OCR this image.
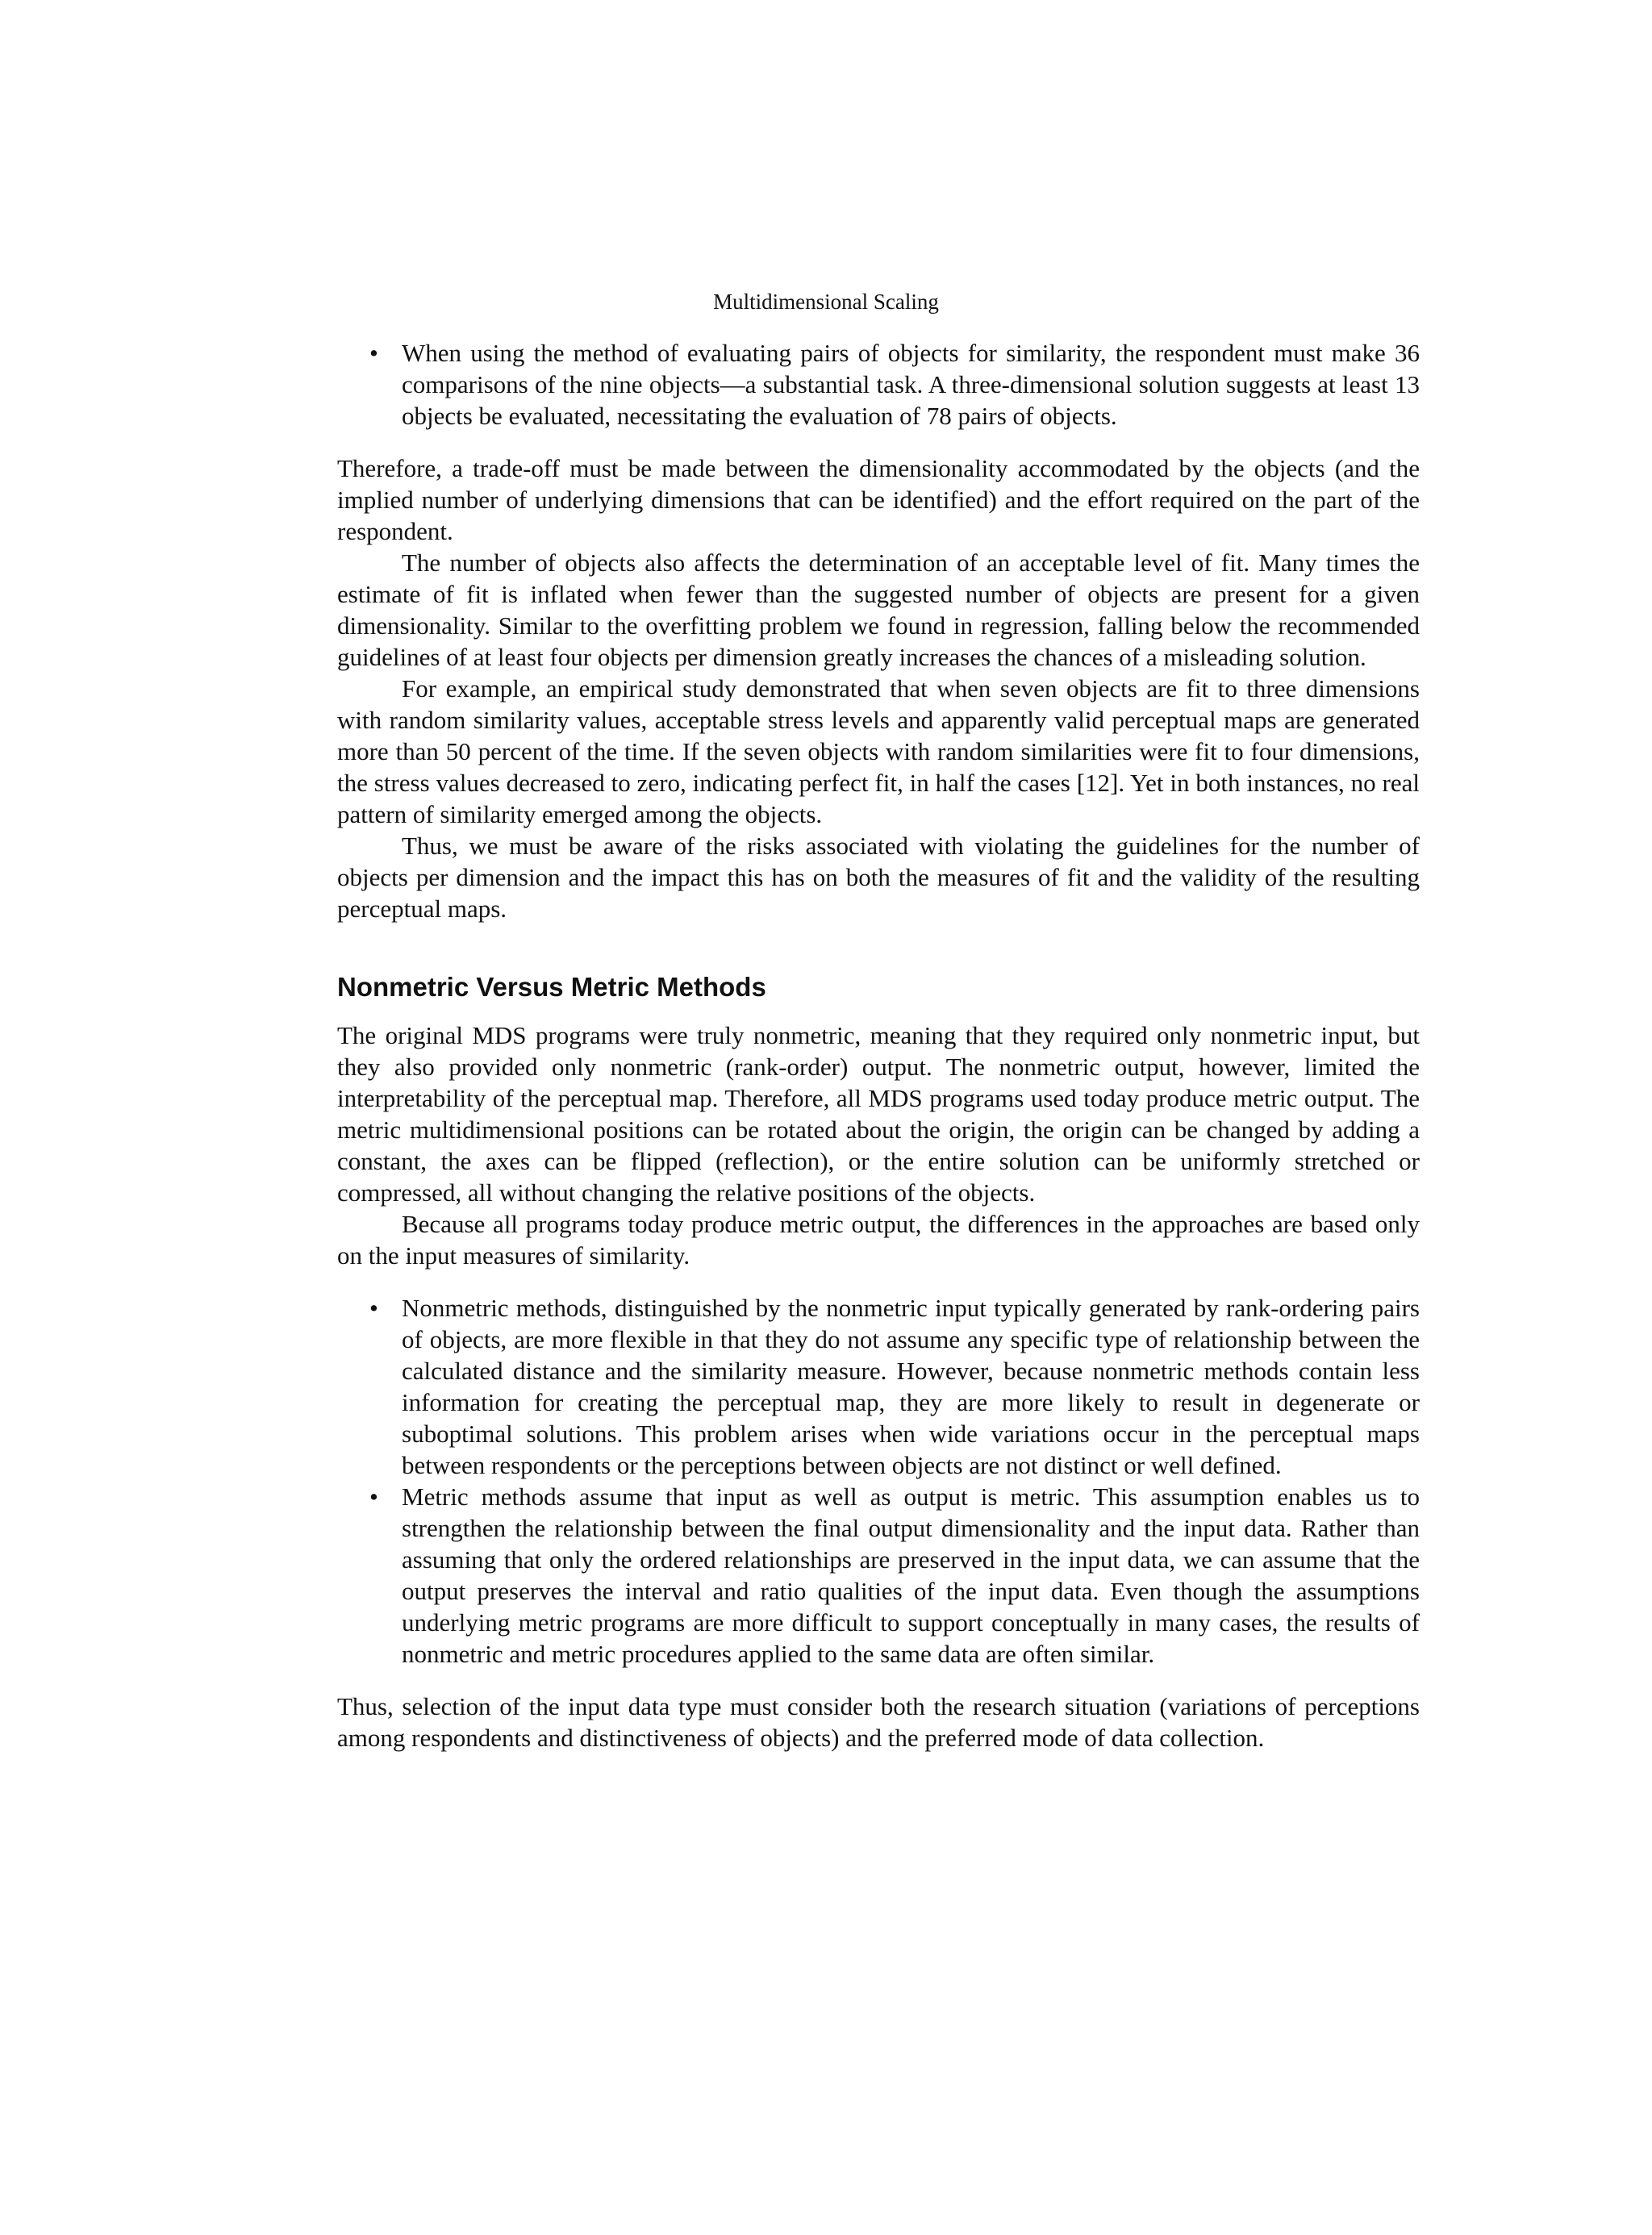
Multidimensional Scaling
• When using the method of evaluating pairs of objects for similarity, the respondent must make 36 comparisons of the nine objects—a substantial task. A three-dimensional solution suggests at least 13 objects be evaluated, necessitating the evaluation of 78 pairs of objects.

Therefore, a trade-off must be made between the dimensionality accommodated by the objects (and the implied number of underlying dimensions that can be identified) and the effort required on the part of the respondent.

The number of objects also affects the determination of an acceptable level of fit. Many times the estimate of fit is inflated when fewer than the suggested number of objects are present for a given dimensionality. Similar to the overfitting problem we found in regression, falling below the recommended guidelines of at least four objects per dimension greatly increases the chances of a misleading solution.

For example, an empirical study demonstrated that when seven objects are fit to three dimensions with random similarity values, acceptable stress levels and apparently valid perceptual maps are generated more than 50 percent of the time. If the seven objects with random similarities were fit to four dimensions, the stress values decreased to zero, indicating perfect fit, in half the cases [12]. Yet in both instances, no real pattern of similarity emerged among the objects.

Thus, we must be aware of the risks associated with violating the guidelines for the number of objects per dimension and the impact this has on both the measures of fit and the validity of the resulting perceptual maps.

Nonmetric Versus Metric Methods

The original MDS programs were truly nonmetric, meaning that they required only nonmetric input, but they also provided only nonmetric (rank-order) output. The nonmetric output, however, limited the interpretability of the perceptual map. Therefore, all MDS programs used today produce metric output. The metric multidimensional positions can be rotated about the origin, the origin can be changed by adding a constant, the axes can be flipped (reflection), or the entire solution can be uniformly stretched or compressed, all without changing the relative positions of the objects.

Because all programs today produce metric output, the differences in the approaches are based only on the input measures of similarity.

• Nonmetric methods, distinguished by the nonmetric input typically generated by rank-ordering pairs of objects, are more flexible in that they do not assume any specific type of relationship between the calculated distance and the similarity measure. However, because nonmetric methods contain less information for creating the perceptual map, they are more likely to result in degenerate or suboptimal solutions. This problem arises when wide variations occur in the perceptual maps between respondents or the perceptions between objects are not distinct or well defined.
• Metric methods assume that input as well as output is metric. This assumption enables us to strengthen the relationship between the final output dimensionality and the input data. Rather than assuming that only the ordered relationships are preserved in the input data, we can assume that the output preserves the interval and ratio qualities of the input data. Even though the assumptions underlying metric programs are more difficult to support conceptually in many cases, the results of nonmetric and metric procedures applied to the same data are often similar.

Thus, selection of the input data type must consider both the research situation (variations of perceptions among respondents and distinctiveness of objects) and the preferred mode of data collection.
